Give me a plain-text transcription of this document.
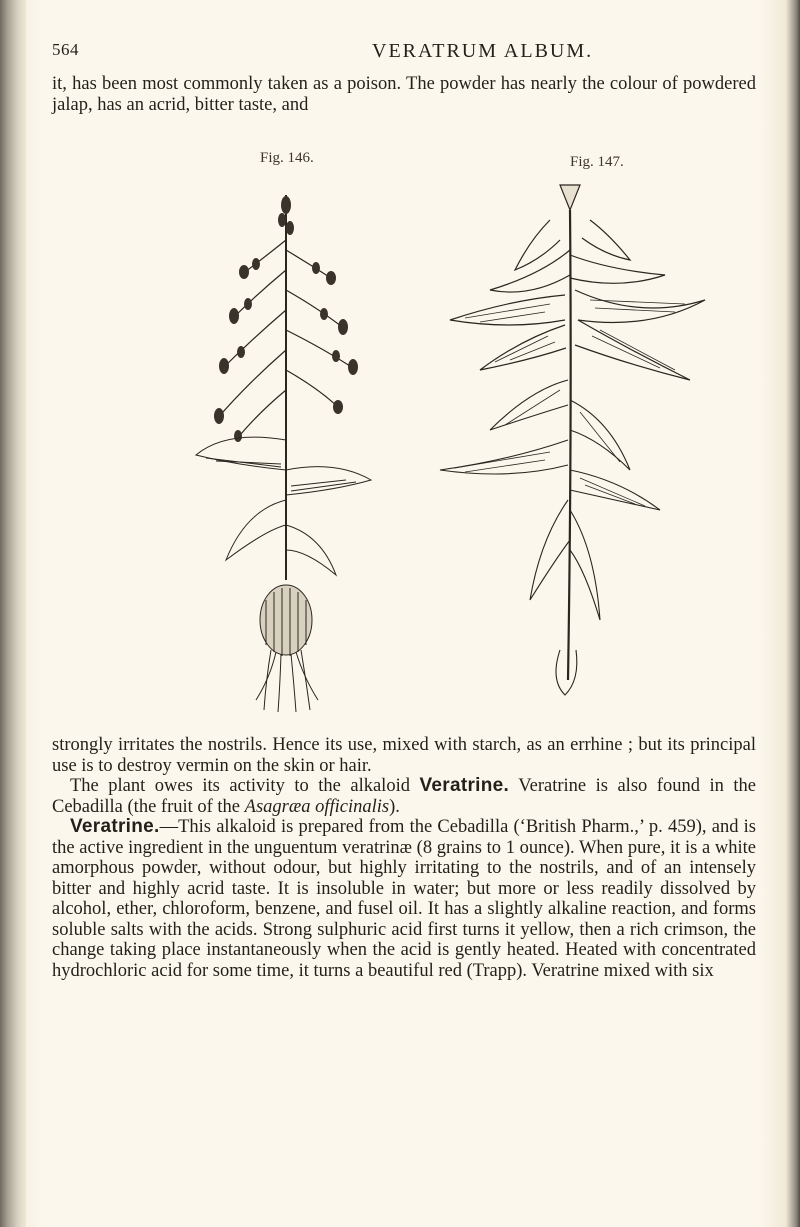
564	VERATRUM ALBUM.

it, has been most commonly taken as a poison. The powder has nearly the colour of powdered jalap, has an acrid, bitter taste, and

Fig. 146.	Fig. 147.

strongly irritates the nostrils. Hence its use, mixed with starch, as an errhine ; but its principal use is to destroy vermin on the skin or hair.

The plant owes its activity to the alkaloid Veratrine. Veratrine is also found in the Cebadilla (the fruit of the Asagræa officinalis).

Veratrine.—This alkaloid is prepared from the Cebadilla (‘British Pharm.,’ p. 459), and is the active ingredient in the unguentum veratrinæ (8 grains to 1 ounce). When pure, it is a white amorphous powder, without odour, but highly irritating to the nostrils, and of an intensely bitter and highly acrid taste. It is insoluble in water; but more or less readily dissolved by alcohol, ether, chloroform, benzene, and fusel oil. It has a slightly alkaline reaction, and forms soluble salts with the acids. Strong sulphuric acid first turns it yellow, then a rich crimson, the change taking place instantaneously when the acid is gently heated. Heated with concentrated hydrochloric acid for some time, it turns a beautiful red (Trapp). Veratrine mixed with six
